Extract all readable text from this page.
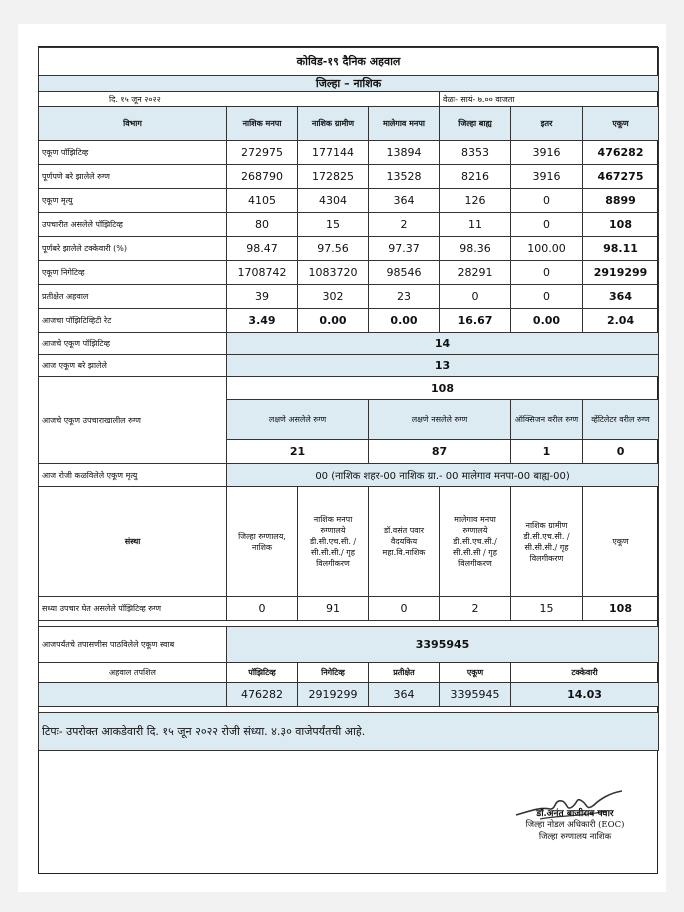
कोविड-१९ दैनिक अहवाल						
जिल्हा – नाशिक						
दि. १५ जून २०२२				वेळः- सायं- ७.०० वाजता		
विभाग	नाशिक मनपा	नाशिक ग्रामीण	मालेगाव मनपा	जिल्हा बाह्य	इतर	एकूण
एकूण पॉझिटिव्ह	272975	177144	13894	8353	3916	476282
पूर्णपणे बरे झालेले रुग्ण	268790	172825	13528	8216	3916	467275
एकूण मृत्यु	4105	4304	364	126	0	8899
उपचारीत असलेले पॉझिटिव्ह	80	15	2	11	0	108
पूर्णबरे झालेले टक्केवारी (%)	98.47	97.56	97.37	98.36	100.00	98.11
एकूण निगेटिव्ह	1708742	1083720	98546	28291	0	2919299
प्रतीक्षेत अहवाल	39	302	23	0	0	364
आजचा पॉझिटिव्हिटी रेट	3.49	0.00	0.00	16.67	0.00	2.04
आजचे एकूण पॉझिटिव्ह	14					
आज एकूण बरे झालेले	13					
आजचे एकूण उपचाराखालील रुग्ण	108					
	लक्षणे असलेले रुग्ण		लक्षणे नसलेले रुग्ण		ऑक्सिजन वरील रुग्ण	व्हेंटिलेटर वरील रुग्ण
	21		87		1	0
आज रोजी कळविलेले एकूण मृत्यु	00 (नाशिक शहर-00 नाशिक ग्रा.- 00 मालेगाव मनपा-00 बाह्य-00)					
संस्था	जिल्हा रुग्णालय, नाशिक	नाशिक मनपा रुग्णालये डी.सी.एच.सी. / सी.सी.सी./ गृह विलगीकरण	डॉ.वसंत पवार वैदयकिय महा.वि.नाशिक	मालेगाव मनपा रुग्णालये डी.सी.एच.सी./ सी.सी.सी / गृह विलगीकरण	नाशिक ग्रामीण डी.सी.एच.सी. /सी.सी.सी./ गृह विलगीकरण	एकूण
सध्या उपचार घेत असलेले पॉझिटिव्ह रुग्ण	0	91	0	2	15	108

आजपर्यंतचे तपासणीस पाठविलेले एकूण स्वाब	3395945					
अहवाल तपशिल	पॉझिटिव्ह	निगेटिव्ह	प्रतीक्षेत	एकूण	टक्केवारी	
	476282	2919299	364	3395945	14.03	

टिपः- उपरोक्त आकडेवारी दि. १५ जून २०२२ रोजी संध्या. ४.३० वाजेपर्यंतची आहे.						
डॉ.अनंत बाजीराव पवार
जिल्हा नोडल अधिकारी (EOC)
जिल्हा रुग्णालय नाशिक
